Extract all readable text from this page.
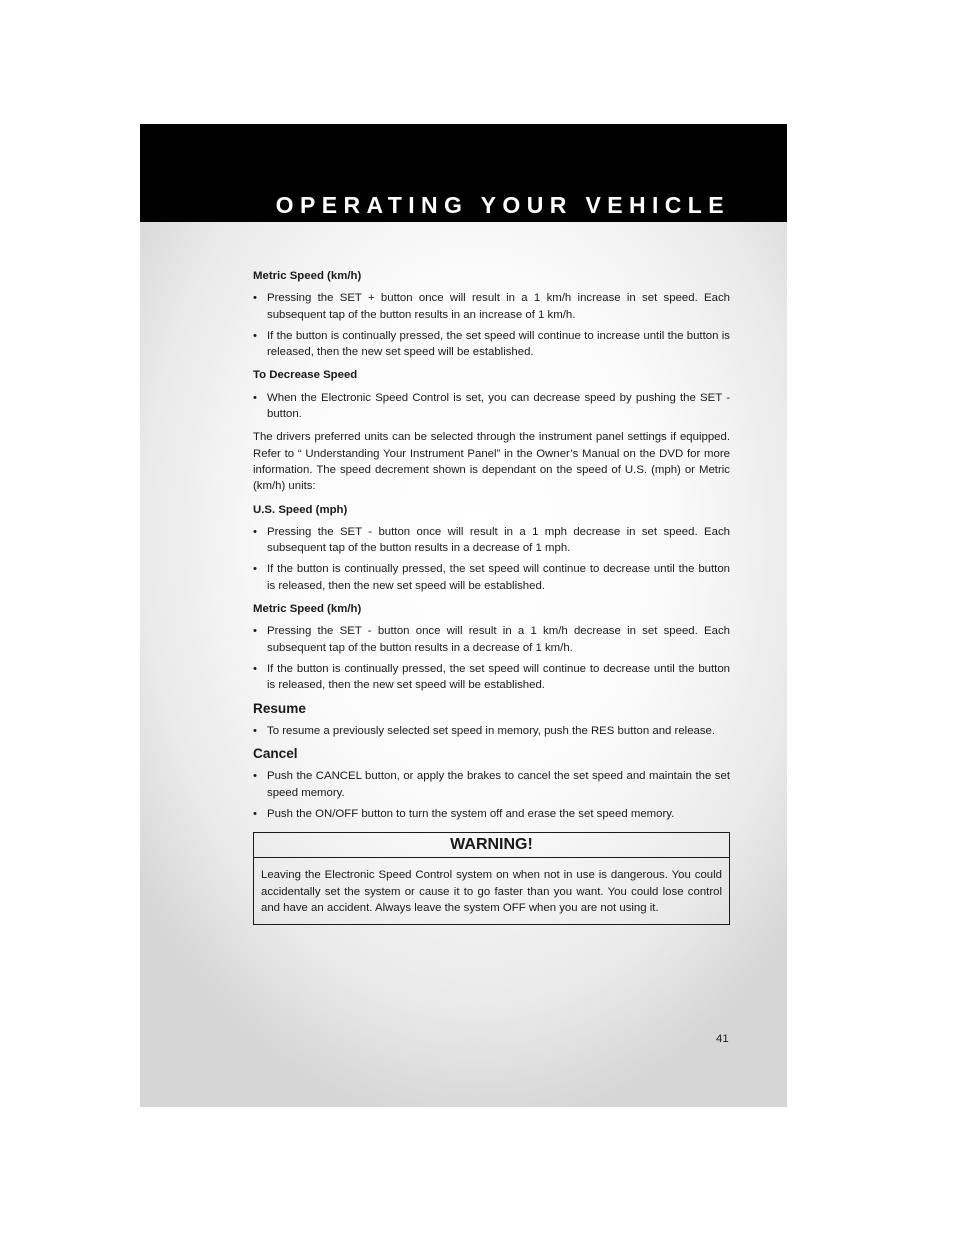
OPERATING YOUR VEHICLE
Metric Speed (km/h)
• Pressing the SET + button once will result in a 1 km/h increase in set speed. Each subsequent tap of the button results in an increase of 1 km/h.
• If the button is continually pressed, the set speed will continue to increase until the button is released, then the new set speed will be established.
To Decrease Speed
• When the Electronic Speed Control is set, you can decrease speed by pushing the SET - button.

The drivers preferred units can be selected through the instrument panel settings if equipped. Refer to “ Understanding Your Instrument Panel” in the Owner’s Manual on the DVD for more information. The speed decrement shown is dependant on the speed of U.S. (mph) or Metric (km/h) units:

U.S. Speed (mph)
• Pressing the SET - button once will result in a 1 mph decrease in set speed. Each subsequent tap of the button results in a decrease of 1 mph.
• If the button is continually pressed, the set speed will continue to decrease until the button is released, then the new set speed will be established.
Metric Speed (km/h)
• Pressing the SET - button once will result in a 1 km/h decrease in set speed. Each subsequent tap of the button results in a decrease of 1 km/h.
• If the button is continually pressed, the set speed will continue to decrease until the button is released, then the new set speed will be established.
Resume
• To resume a previously selected set speed in memory, push the RES button and release.
Cancel
• Push the CANCEL button, or apply the brakes to cancel the set speed and maintain the set speed memory.
• Push the ON/OFF button to turn the system off and erase the set speed memory.
WARNING!
Leaving the Electronic Speed Control system on when not in use is dangerous. You could accidentally set the system or cause it to go faster than you want. You could lose control and have an accident. Always leave the system OFF when you are not using it.
41
